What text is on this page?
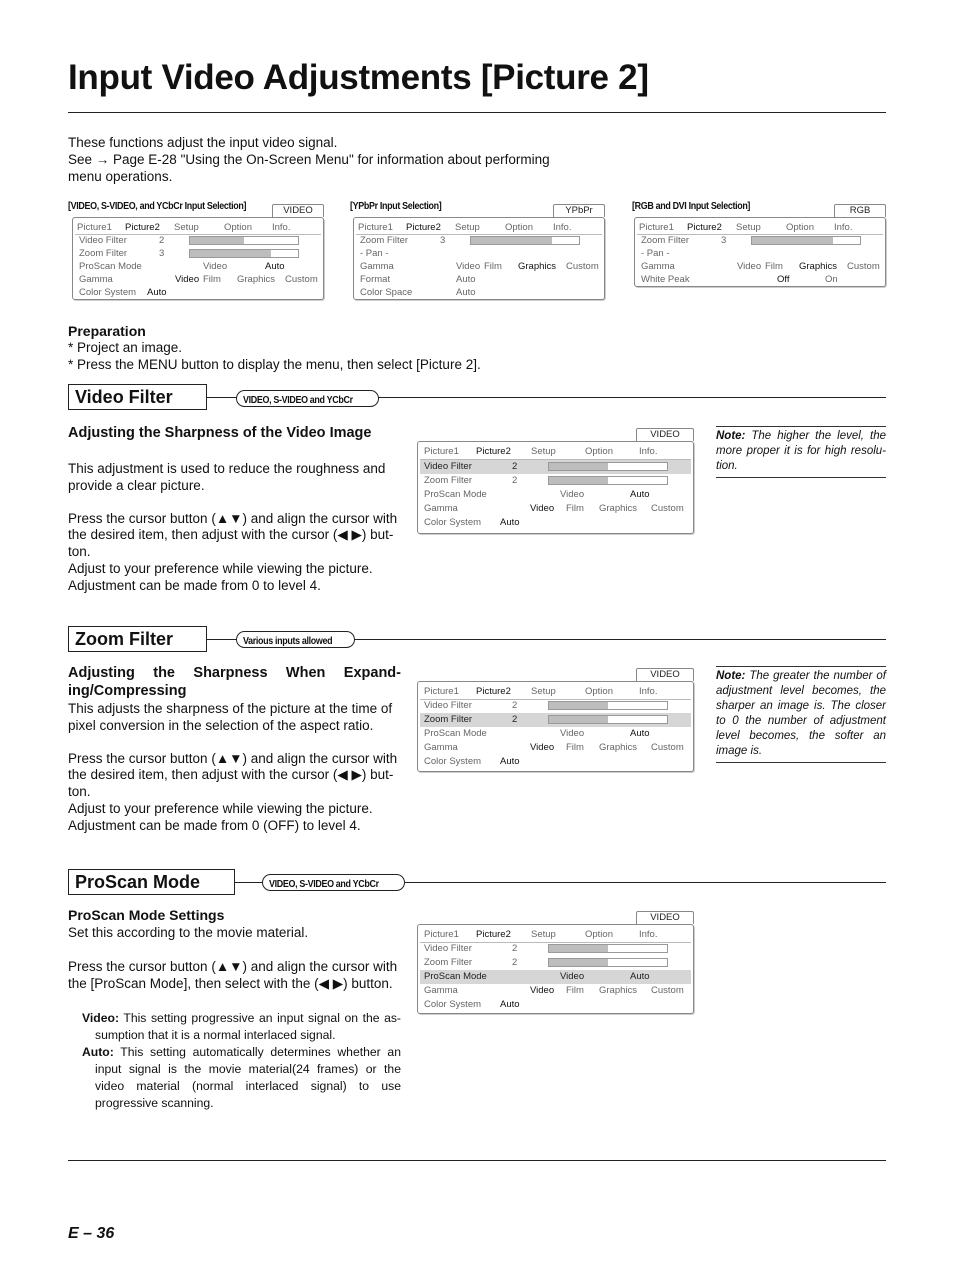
Input Video Adjustments [Picture 2]
These functions adjust the input video signal.
See → Page E-28 "Using the On-Screen Menu" for information about performing
menu operations.
[VIDEO, S-VIDEO, and YCbCr Input Selection]	VIDEO
Picture1 Picture2 Setup	Option Info.
Video Filter	2
Zoom Filter	3
ProScan Mode	Video	Auto
Gamma	Video Film Graphics Custom
Color System Auto
[YPbPr Input Selection]	YPbPr
Picture1 Picture2 Setup	Option Info.
Zoom Filter	3
- Pan -
Gamma	Video Film Graphics Custom
Format	Auto
Color Space	Auto
[RGB and DVI Input Selection]	RGB
Picture1 Picture2 Setup	Option Info.
Zoom Filter	3
- Pan -
Gamma	Video Film Graphics Custom
White Peak	Off	On
Preparation
* Project an image.
* Press the MENU button to display the menu, then select [Picture 2].
Video Filter	VIDEO, S-VIDEO and YCbCr
Adjusting the Sharpness of the Video Image
This adjustment is used to reduce the roughness and provide a clear picture.
Press the cursor button (▲▼) and align the cursor with the desired item, then adjust with the cursor (◀ ▶) but-ton.
Adjust to your preference while viewing the picture.
Adjustment can be made from 0 to level 4.
VIDEO
Picture1 Picture2 Setup	Option	Info.
Video Filter	2
Zoom Filter	2
ProScan Mode	Video	Auto
Gamma	Video Film Graphics Custom
Color System Auto
Note: The higher the level, the more proper it is for high resolu-tion.
Zoom Filter	Various inputs allowed
Adjusting the Sharpness When Expand-ing/Compressing
This adjusts the sharpness of the picture at the time of pixel conversion in the selection of the aspect ratio.
Press the cursor button (▲▼) and align the cursor with the desired item, then adjust with the cursor (◀ ▶) but-ton.
Adjust to your preference while viewing the picture.
Adjustment can be made from 0 (OFF) to level 4.
VIDEO
Picture1 Picture2 Setup	Option	Info.
Video Filter	2
Zoom Filter	2
ProScan Mode	Video	Auto
Gamma	Video Film Graphics Custom
Color System Auto
Note: The greater the number of adjustment level becomes, the sharper an image is. The closer to 0 the number of adjustment level becomes, the softer an image is.
ProScan Mode	VIDEO, S-VIDEO and YCbCr
ProScan Mode Settings
Set this according to the movie material.
Press the cursor button (▲▼) and align the cursor with the [ProScan Mode], then select with the (◀ ▶) button.
Video: This setting progressive an input signal on the as-sumption that it is a normal interlaced signal.
Auto: This setting automatically determines whether an input signal is the movie material(24 frames) or the video material (normal interlaced signal) to use progressive scanning.
VIDEO
Picture1 Picture2 Setup	Option	Info.
Video Filter	2
Zoom Filter	2
ProScan Mode	Video	Auto
Gamma	Video Film Graphics Custom
Color System Auto
E – 36
